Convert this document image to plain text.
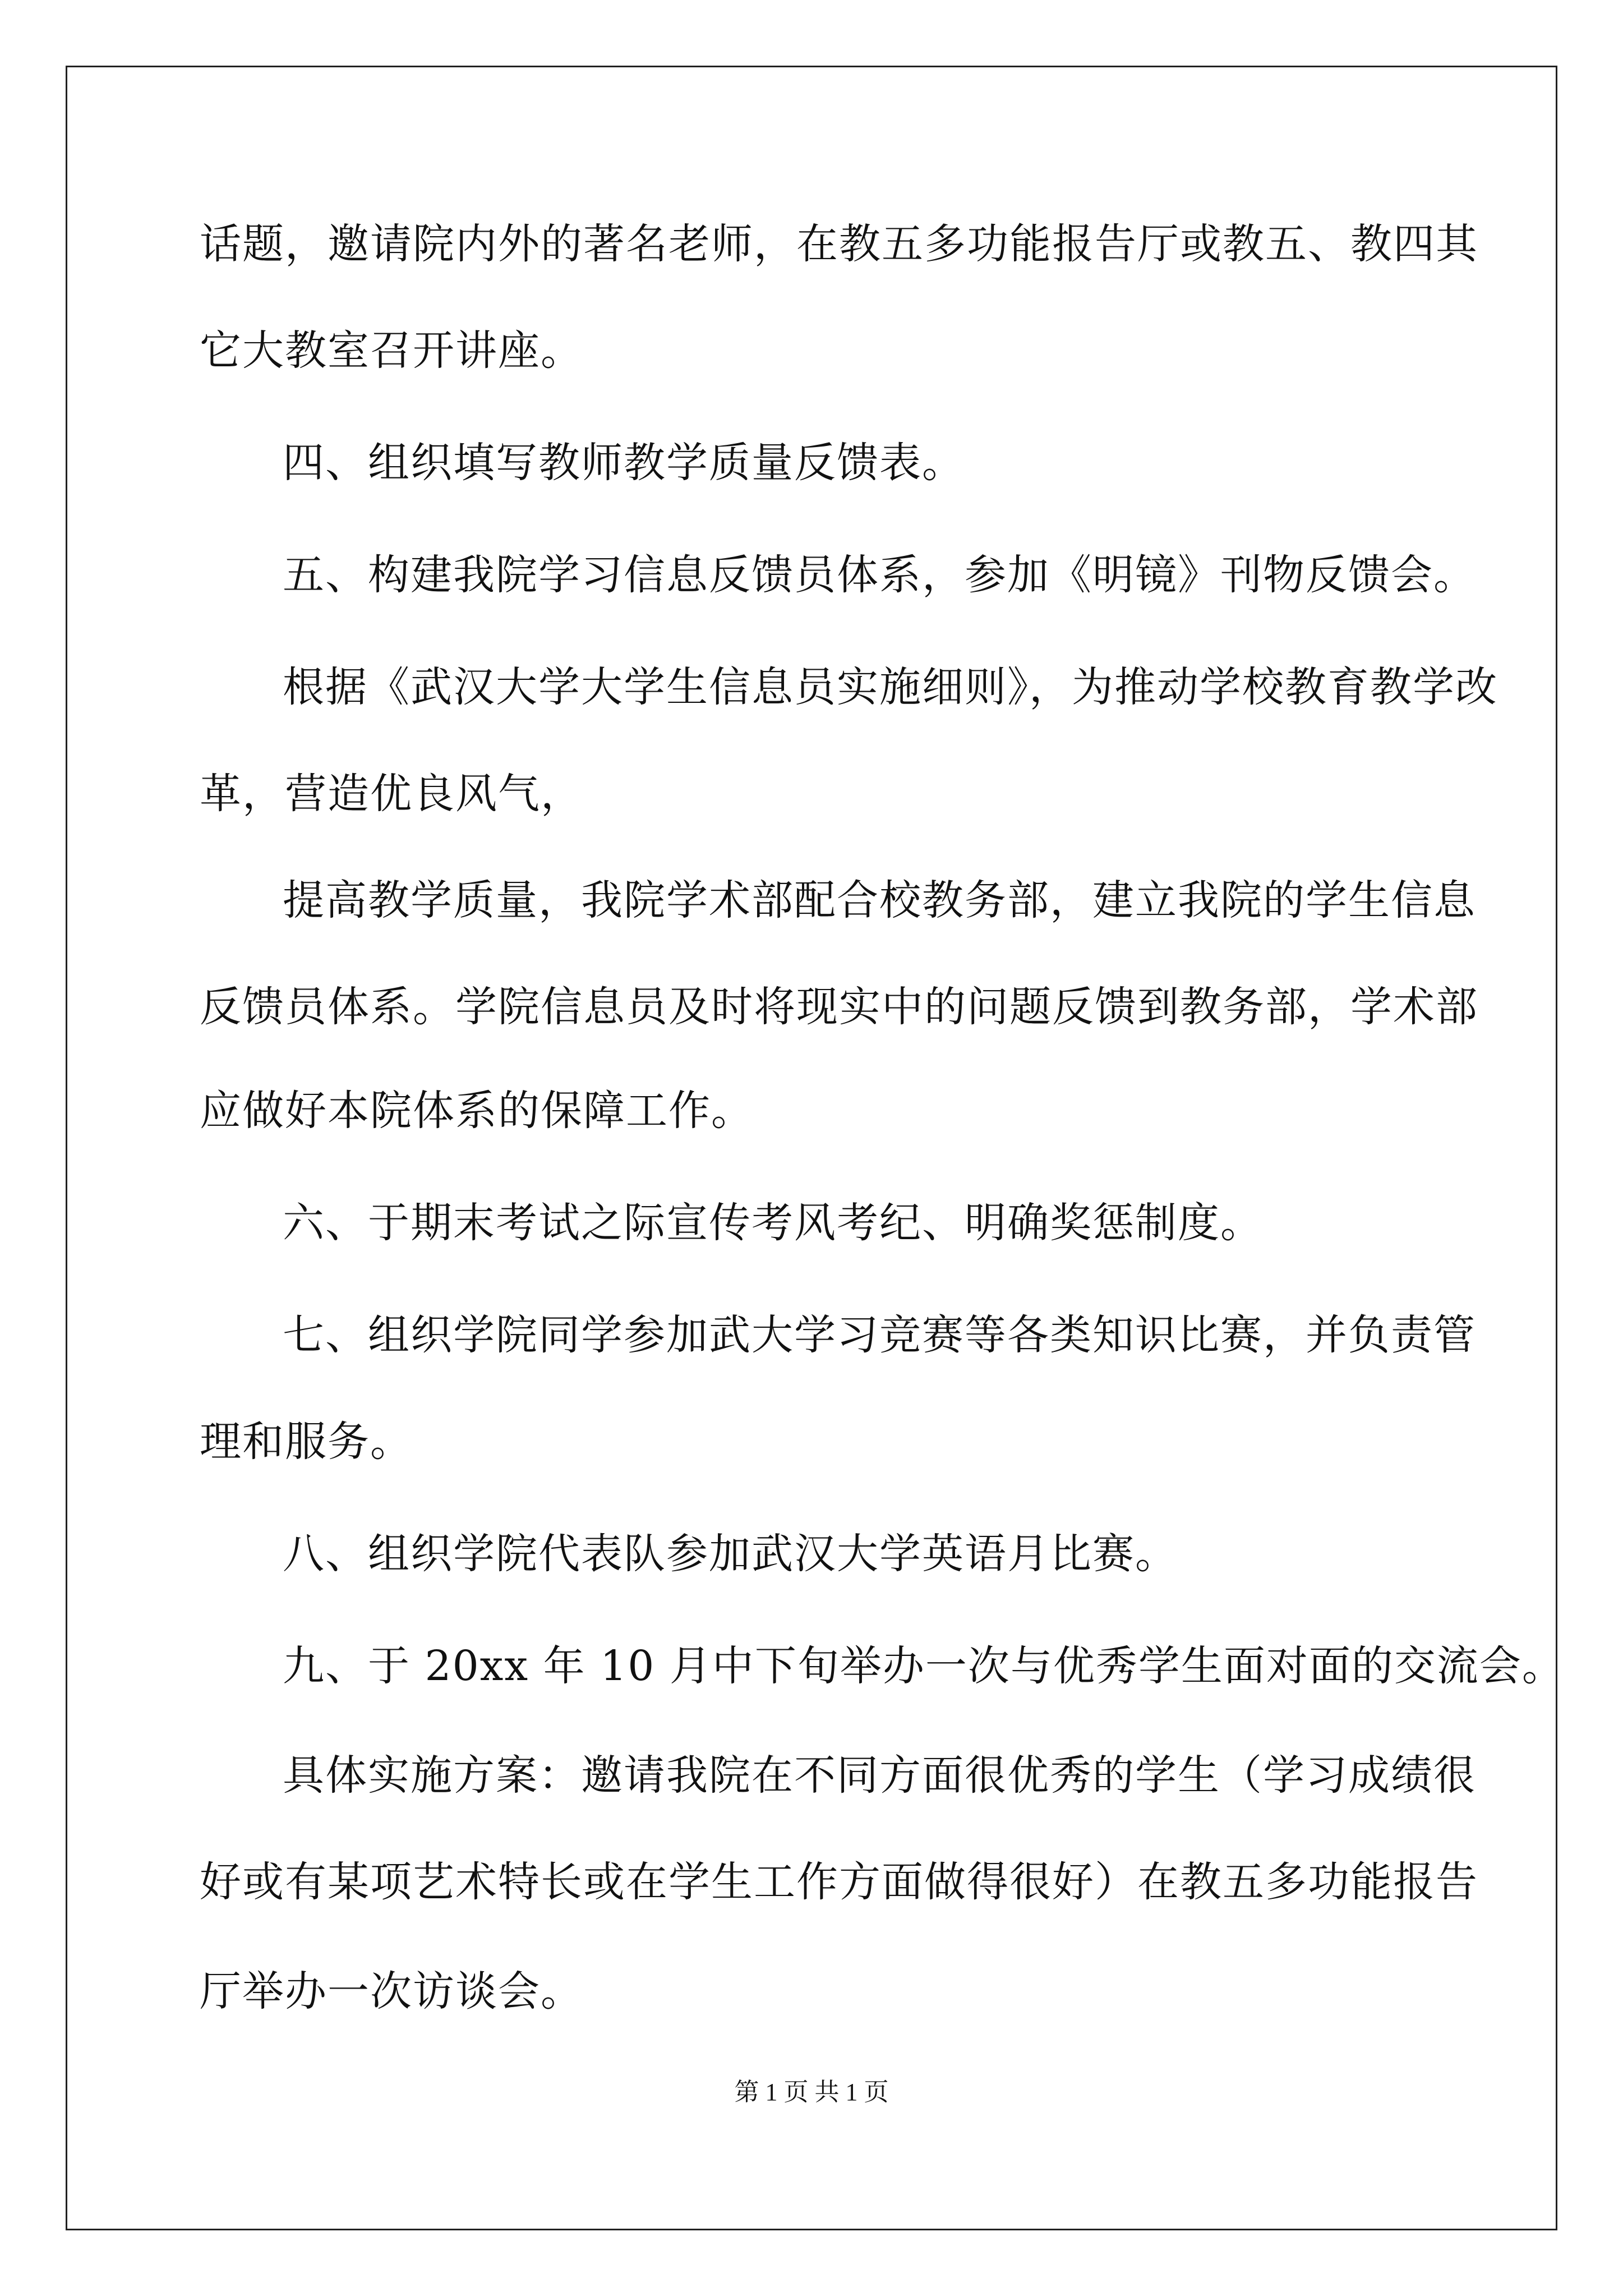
话题，邀请院内外的著名老师，在教五多功能报告厅或教五、教四其
它大教室召开讲座。
四、组织填写教师教学质量反馈表。
五、构建我院学习信息反馈员体系，参加《明镜》刊物反馈会。
根据《武汉大学大学生信息员实施细则》，为推动学校教育教学改
革，营造优良风气，
提高教学质量，我院学术部配合校教务部，建立我院的学生信息
反馈员体系。学院信息员及时将现实中的问题反馈到教务部，学术部
应做好本院体系的保障工作。
六、于期末考试之际宣传考风考纪、明确奖惩制度。
七、组织学院同学参加武大学习竞赛等各类知识比赛，并负责管
理和服务。
八、组织学院代表队参加武汉大学英语月比赛。
九、于 20xx 年 10 月中下旬举办一次与优秀学生面对面的交流会。
具体实施方案：邀请我院在不同方面很优秀的学生（学习成绩很
好或有某项艺术特长或在学生工作方面做得很好）在教五多功能报告
厅举办一次访谈会。
第 1 页 共 1 页
